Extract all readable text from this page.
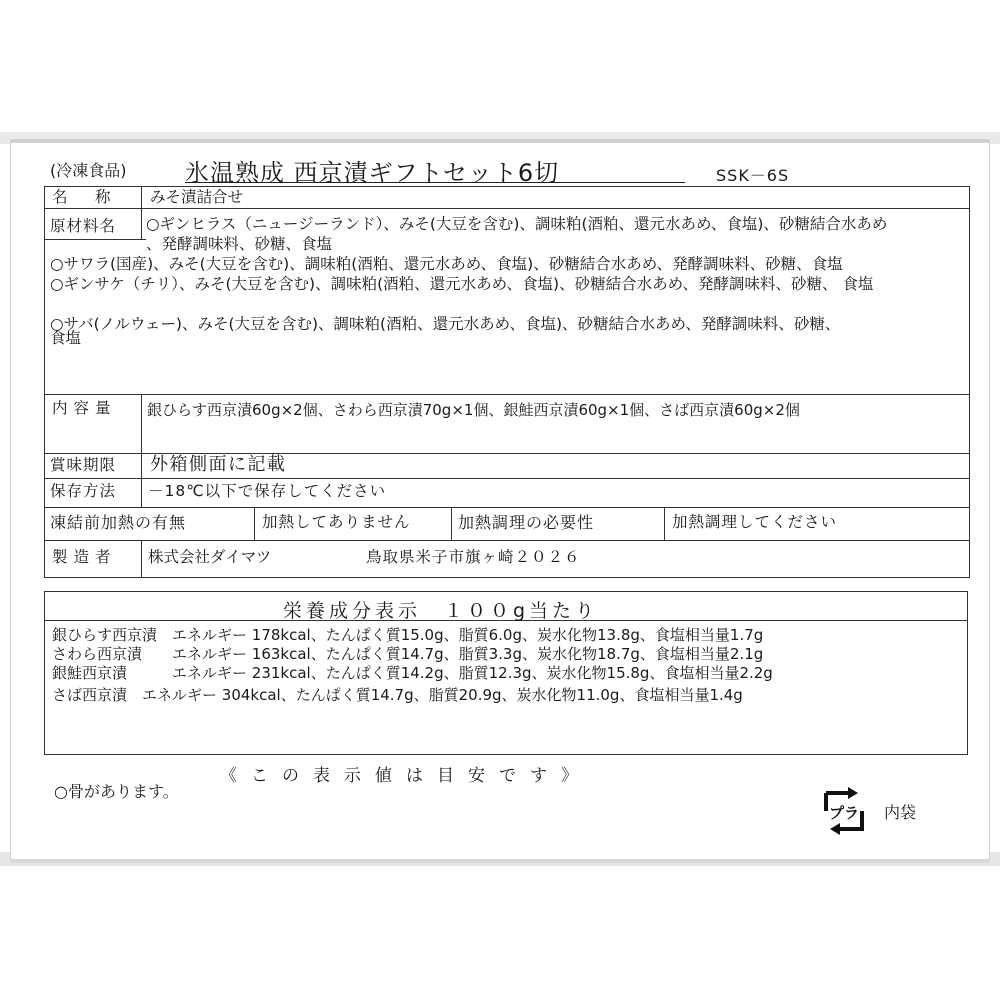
(冷凍食品) 氷温熟成 西京漬ギフトセット6切	SSK－6S
名　称 みそ漬詰合せ
原材料名 ○ギンヒラス（ニュージーランド）、みそ(大豆を含む)、調味粕(酒粕、還元水あめ、食塩)、砂糖結合水あめ
、発酵調味料、砂糖、食塩
○サワラ(国産)、みそ(大豆を含む)、調味粕(酒粕、還元水あめ、食塩)、砂糖結合水あめ、発酵調味料、砂糖、食塩
○ギンサケ（チリ）、みそ(大豆を含む)、調味粕(酒粕、還元水あめ、食塩)、砂糖結合水あめ、発酵調味料、砂糖、 食塩
○サバ(ノルウェー)、みそ(大豆を含む)、調味粕(酒粕、還元水あめ、食塩)、砂糖結合水あめ、発酵調味料、砂糖、
食塩
内容量 銀ひらす西京漬60g×2個、さわら西京漬70g×1個、銀鮭西京漬60g×1個、さば西京漬60g×2個
賞味期限 外箱側面に記載
保存方法 －18℃以下で保存してください
凍結前加熱の有無	加熱してありません	加熱調理の必要性	加熱調理してください
製造者 株式会社ダイマツ	鳥取県米子市旗ヶ崎２０２６
栄養成分表示　１００g当たり
銀ひらす西京漬　エネルギー 178kcal、たんぱく質15.0g、脂質6.0g、炭水化物13.8g、食塩相当量1.7g
さわら西京漬　　エネルギー 163kcal、たんぱく質14.7g、脂質3.3g、炭水化物18.7g、食塩相当量2.1g
銀鮭西京漬　　　エネルギー 231kcal、たんぱく質14.2g、脂質12.3g、炭水化物15.8g、食塩相当量2.2g
さば西京漬　エネルギー 304kcal、たんぱく質14.7g、脂質20.9g、炭水化物11.0g、食塩相当量1.4g
《 こ の 表 示 値 は 目 安 で す 》
○骨があります。
プラ 内袋
